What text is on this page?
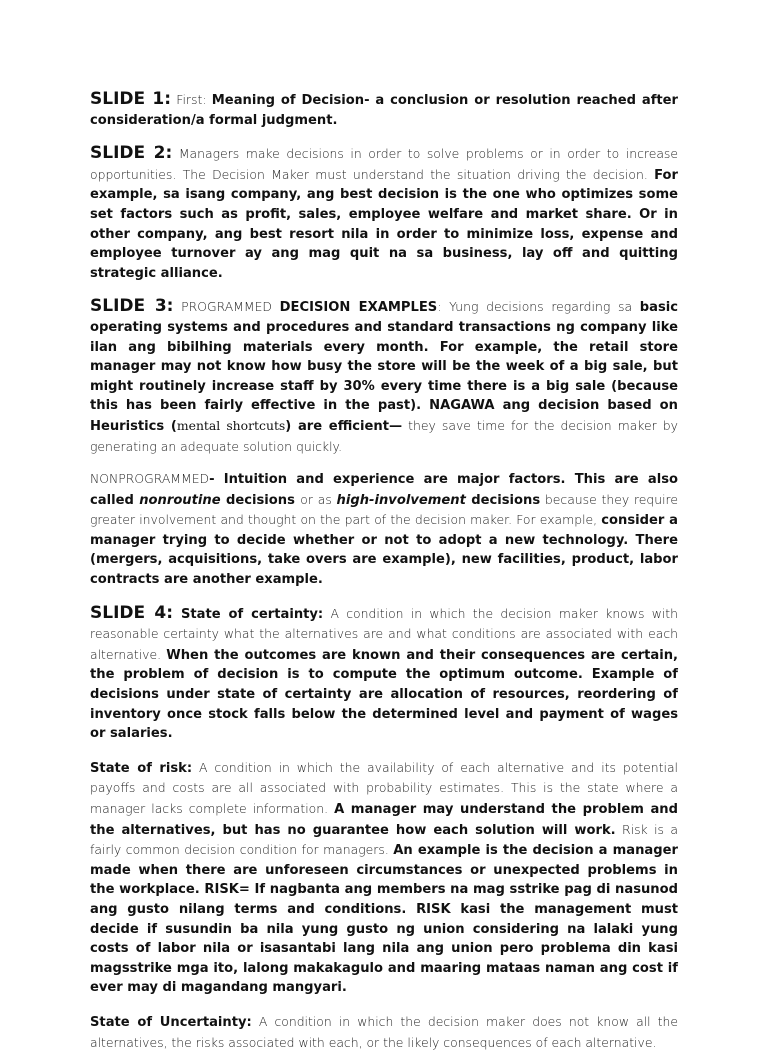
SLIDE 1: First: Meaning of Decision- a conclusion or resolution reached after consideration/a formal judgment.

SLIDE 2: Managers make decisions in order to solve problems or in order to increase opportunities. The Decision Maker must understand the situation driving the decision. For example, sa isang company, ang best decision is the one who optimizes some set factors such as profit, sales, employee welfare and market share. Or in other company, ang best resort nila in order to minimize loss, expense and employee turnover ay ang mag quit na sa business, lay off and quitting strategic alliance.

SLIDE 3: PROGRAMMED DECISION EXAMPLES: Yung decisions regarding sa basic operating systems and procedures and standard transactions ng company like ilan ang bibilhing materials every month. For example, the retail store manager may not know how busy the store will be the week of a big sale, but might routinely increase staff by 30% every time there is a big sale (because this has been fairly effective in the past). NAGAWA ang decision based on Heuristics (mental shortcuts) are efficient— they save time for the decision maker by generating an adequate solution quickly.

NONPROGRAMMED- Intuition and experience are major factors. This are also called nonroutine decisions or as high-involvement decisions because they require greater involvement and thought on the part of the decision maker. For example, consider a manager trying to decide whether or not to adopt a new technology. There (mergers, acquisitions, take overs are example), new facilities, product, labor contracts are another example.

SLIDE 4: State of certainty: A condition in which the decision maker knows with reasonable certainty what the alternatives are and what conditions are associated with each alternative. When the outcomes are known and their consequences are certain, the problem of decision is to compute the optimum outcome. Example of decisions under state of certainty are allocation of resources, reordering of inventory once stock falls below the determined level and payment of wages or salaries.

State of risk: A condition in which the availability of each alternative and its potential payoffs and costs are all associated with probability estimates. This is the state where a manager lacks complete information. A manager may understand the problem and the alternatives, but has no guarantee how each solution will work. Risk is a fairly common decision condition for managers. An example is the decision a manager made when there are unforeseen circumstances or unexpected problems in the workplace. RISK= If nagbanta ang members na mag sstrike pag di nasunod ang gusto nilang terms and conditions. RISK kasi the management must decide if susundin ba nila yung gusto ng union considering na lalaki yung costs of labor nila or isasantabi lang nila ang union pero problema din kasi magsstrike mga ito, lalong makakagulo and maaring mataas naman ang cost if ever may di magandang mangyari.

State of Uncertainty: A condition in which the decision maker does not know all the alternatives, the risks associated with each, or the likely consequences of each alternative.
